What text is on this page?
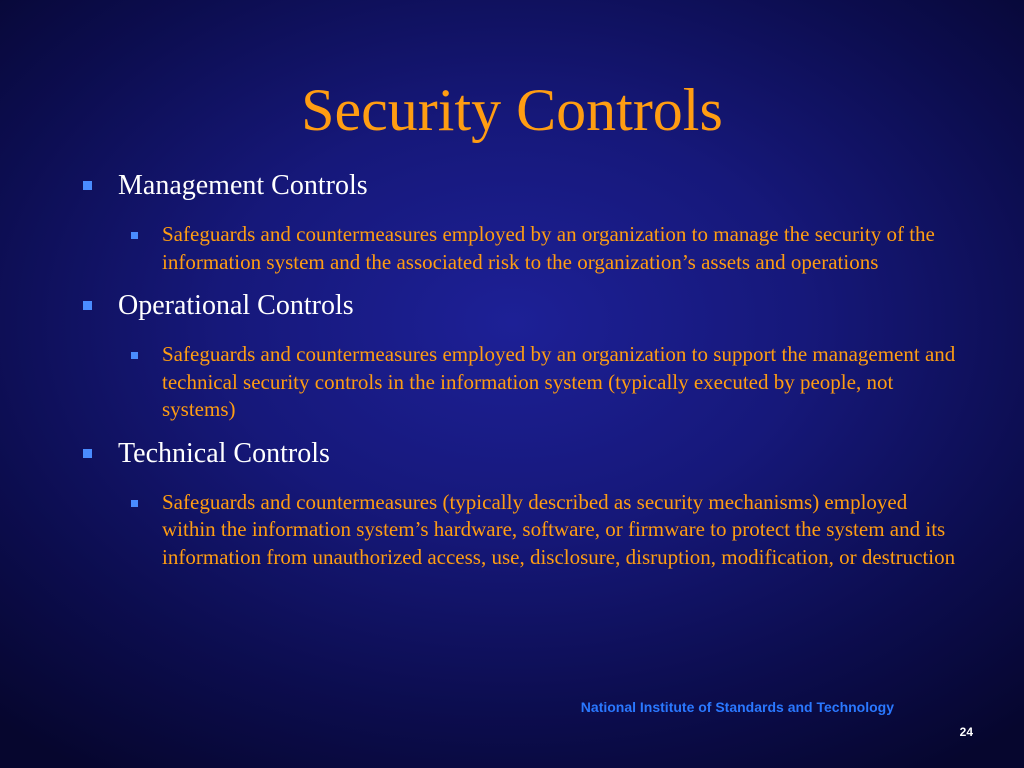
Security Controls
Management Controls
Safeguards and countermeasures employed by an organization to manage the security of the information system and the associated risk to the organization’s assets and operations
Operational Controls
Safeguards and countermeasures employed by an organization to support the management and technical security controls in the information system (typically executed by people, not systems)
Technical Controls
Safeguards and countermeasures (typically described as security mechanisms) employed within the information system’s hardware, software, or firmware to protect the system and its information from unauthorized access, use, disclosure, disruption, modification, or destruction
National Institute of Standards and Technology
24
